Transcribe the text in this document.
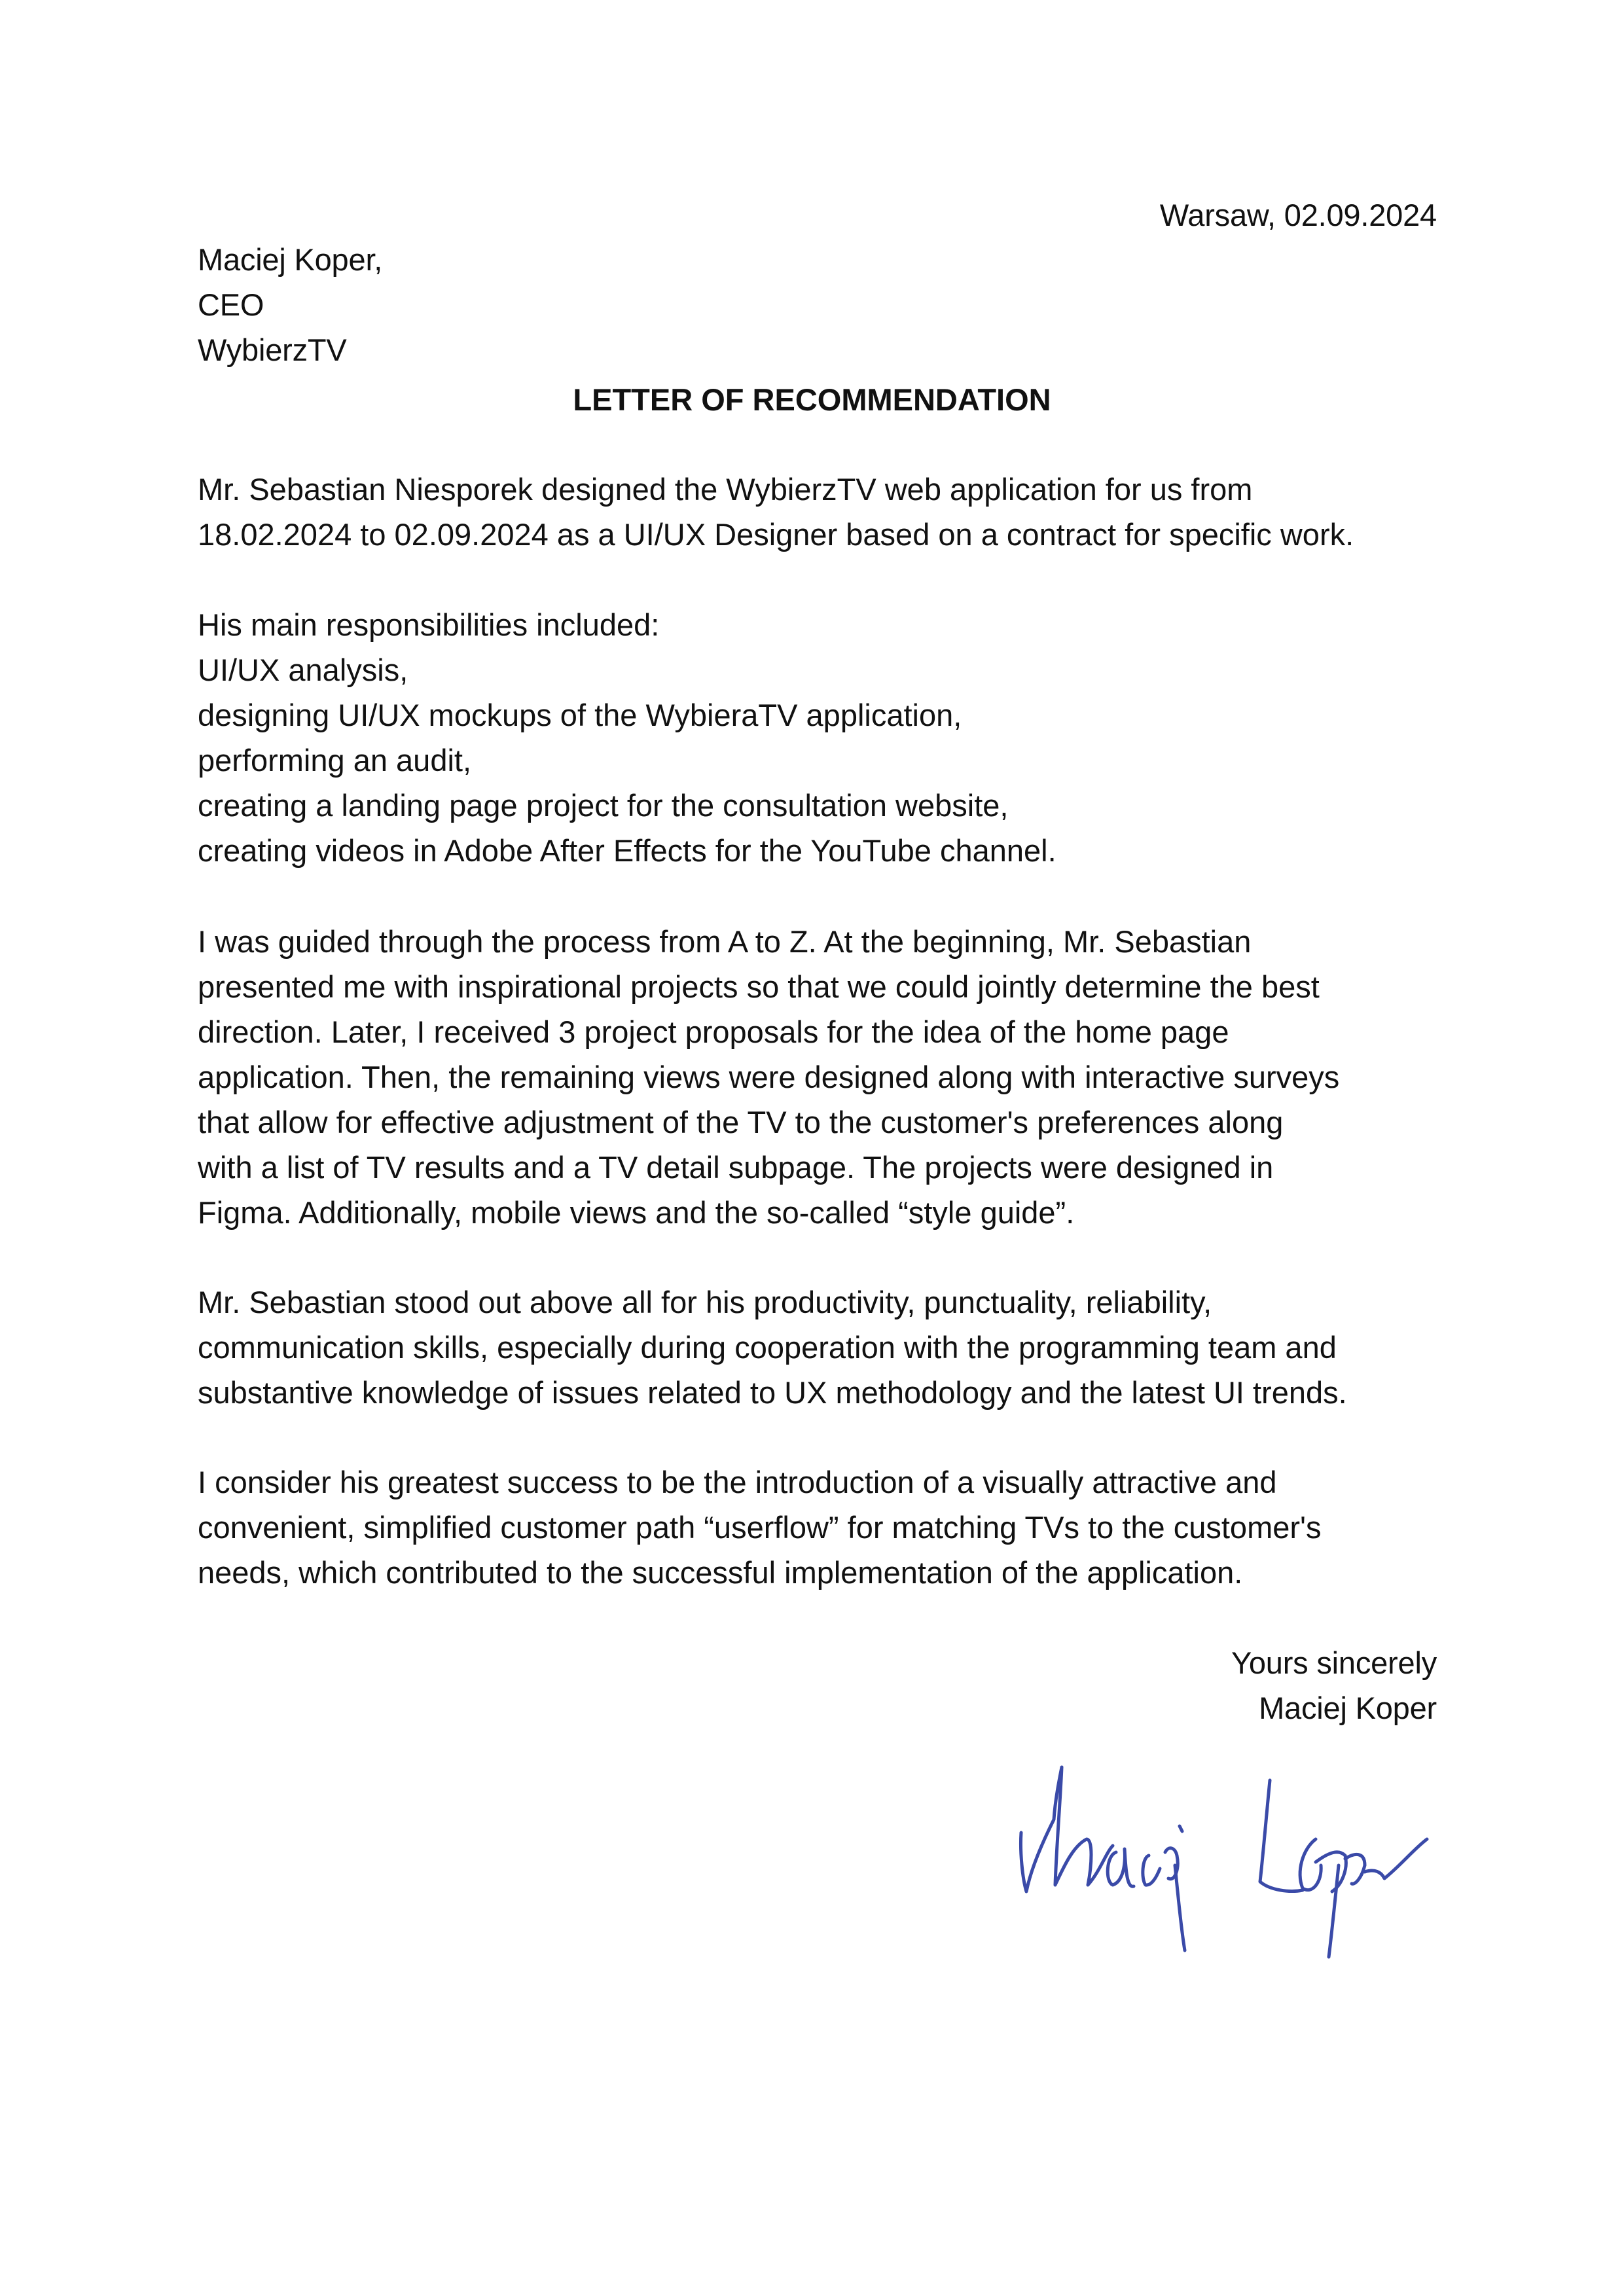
Warsaw, 02.09.2024
Maciej Koper,
CEO
WybierzTV
LETTER OF RECOMMENDATION
Mr. Sebastian Niesporek designed the WybierzTV web application for us from
18.02.2024 to 02.09.2024 as a UI/UX Designer based on a contract for specific work.
His main responsibilities included:
UI/UX analysis,
designing UI/UX mockups of the WybieraTV application,
performing an audit,
creating a landing page project for the consultation website,
creating videos in Adobe After Effects for the YouTube channel.
I was guided through the process from A to Z. At the beginning, Mr. Sebastian
presented me with inspirational projects so that we could jointly determine the best
direction. Later, I received 3 project proposals for the idea of the home page
application. Then, the remaining views were designed along with interactive surveys
that allow for effective adjustment of the TV to the customer's preferences along
with a list of TV results and a TV detail subpage. The projects were designed in
Figma. Additionally, mobile views and the so-called “style guide”.
Mr. Sebastian stood out above all for his productivity, punctuality, reliability,
communication skills, especially during cooperation with the programming team and
substantive knowledge of issues related to UX methodology and the latest UI trends.
I consider his greatest success to be the introduction of a visually attractive and
convenient, simplified customer path “userflow” for matching TVs to the customer's
needs, which contributed to the successful implementation of the application.
Yours sincerely
Maciej Koper
